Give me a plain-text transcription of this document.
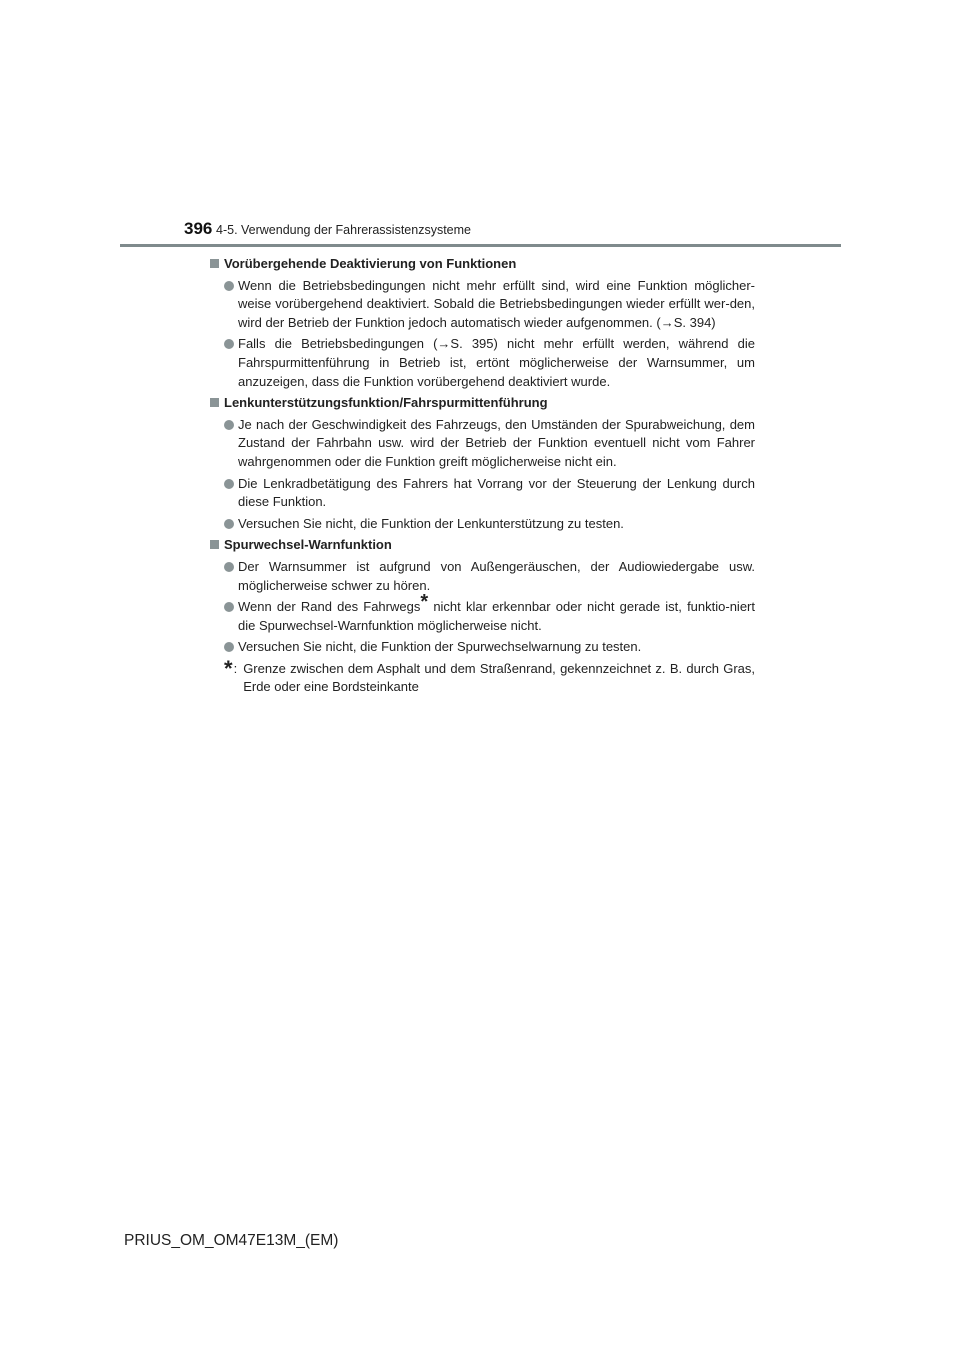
396 4-5. Verwendung der Fahrerassistenzsysteme
Vorübergehende Deaktivierung von Funktionen
Wenn die Betriebsbedingungen nicht mehr erfüllt sind, wird eine Funktion möglicher-weise vorübergehend deaktiviert. Sobald die Betriebsbedingungen wieder erfüllt wer-den, wird der Betrieb der Funktion jedoch automatisch wieder aufgenommen. (→S. 394)
Falls die Betriebsbedingungen (→S. 395) nicht mehr erfüllt werden, während die Fahrspurmittenführung in Betrieb ist, ertönt möglicherweise der Warnsummer, um anzuzeigen, dass die Funktion vorübergehend deaktiviert wurde.
Lenkunterstützungsfunktion/Fahrspurmittenführung
Je nach der Geschwindigkeit des Fahrzeugs, den Umständen der Spurabweichung, dem Zustand der Fahrbahn usw. wird der Betrieb der Funktion eventuell nicht vom Fahrer wahrgenommen oder die Funktion greift möglicherweise nicht ein.
Die Lenkradbetätigung des Fahrers hat Vorrang vor der Steuerung der Lenkung durch diese Funktion.
Versuchen Sie nicht, die Funktion der Lenkunterstützung zu testen.
Spurwechsel-Warnfunktion
Der Warnsummer ist aufgrund von Außengeräuschen, der Audiowiedergabe usw. möglicherweise schwer zu hören.
Wenn der Rand des Fahrwegs* nicht klar erkennbar oder nicht gerade ist, funktio-niert die Spurwechsel-Warnfunktion möglicherweise nicht.
Versuchen Sie nicht, die Funktion der Spurwechselwarnung zu testen.
* : Grenze zwischen dem Asphalt und dem Straßenrand, gekennzeichnet z. B. durch Gras, Erde oder eine Bordsteinkante
PRIUS_OM_OM47E13M_(EM)
